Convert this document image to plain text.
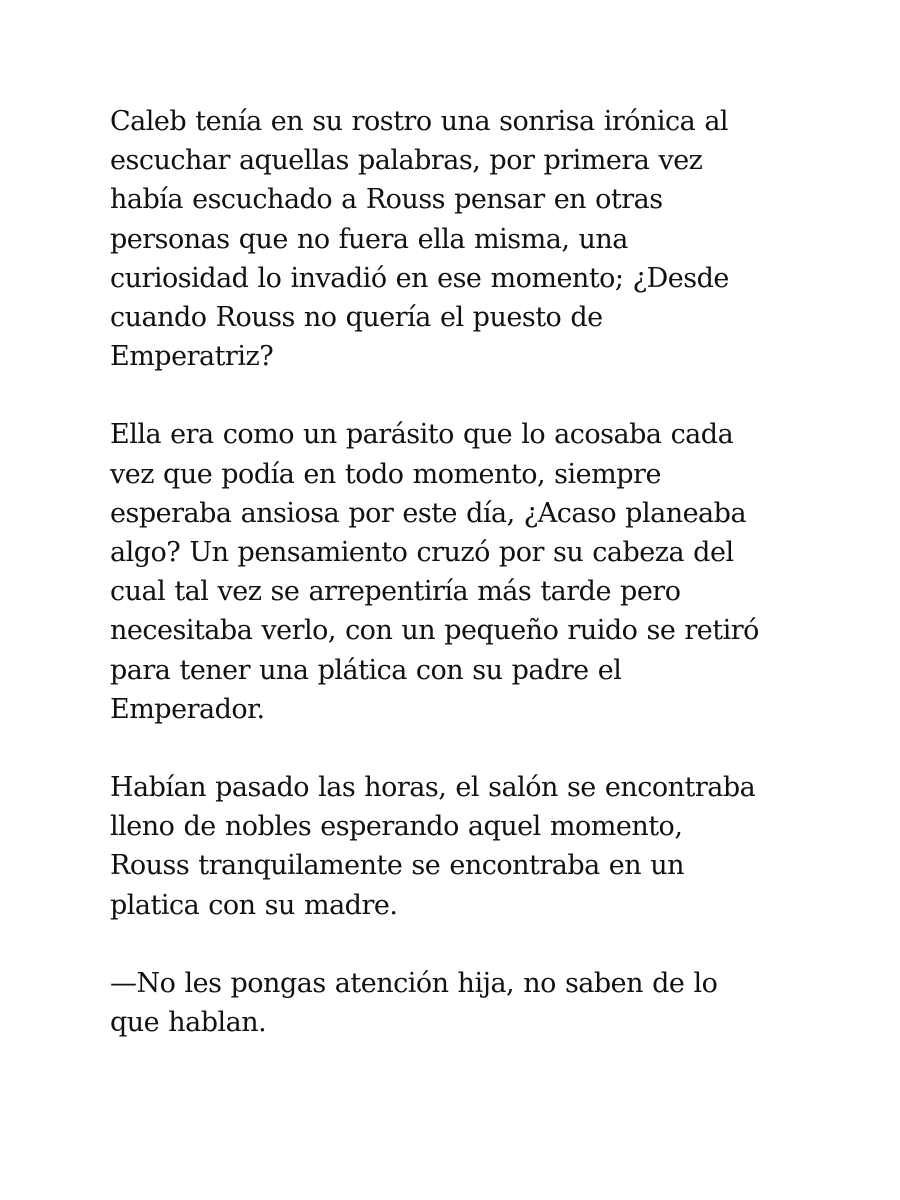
Caleb tenía en su rostro una sonrisa irónica al
escuchar aquellas palabras, por primera vez
había escuchado a Rouss pensar en otras
personas que no fuera ella misma, una
curiosidad lo invadió en ese momento; ¿Desde
cuando Rouss no quería el puesto de
Emperatriz?

Ella era como un parásito que lo acosaba cada
vez que podía en todo momento, siempre
esperaba ansiosa por este día, ¿Acaso planeaba
algo? Un pensamiento cruzó por su cabeza del
cual tal vez se arrepentiría más tarde pero
necesitaba verlo, con un pequeño ruido se retiró
para tener una plática con su padre el
Emperador.

Habían pasado las horas, el salón se encontraba
lleno de nobles esperando aquel momento,
Rouss tranquilamente se encontraba en un
platica con su madre.

—No les pongas atención hija, no saben de lo
que hablan.
